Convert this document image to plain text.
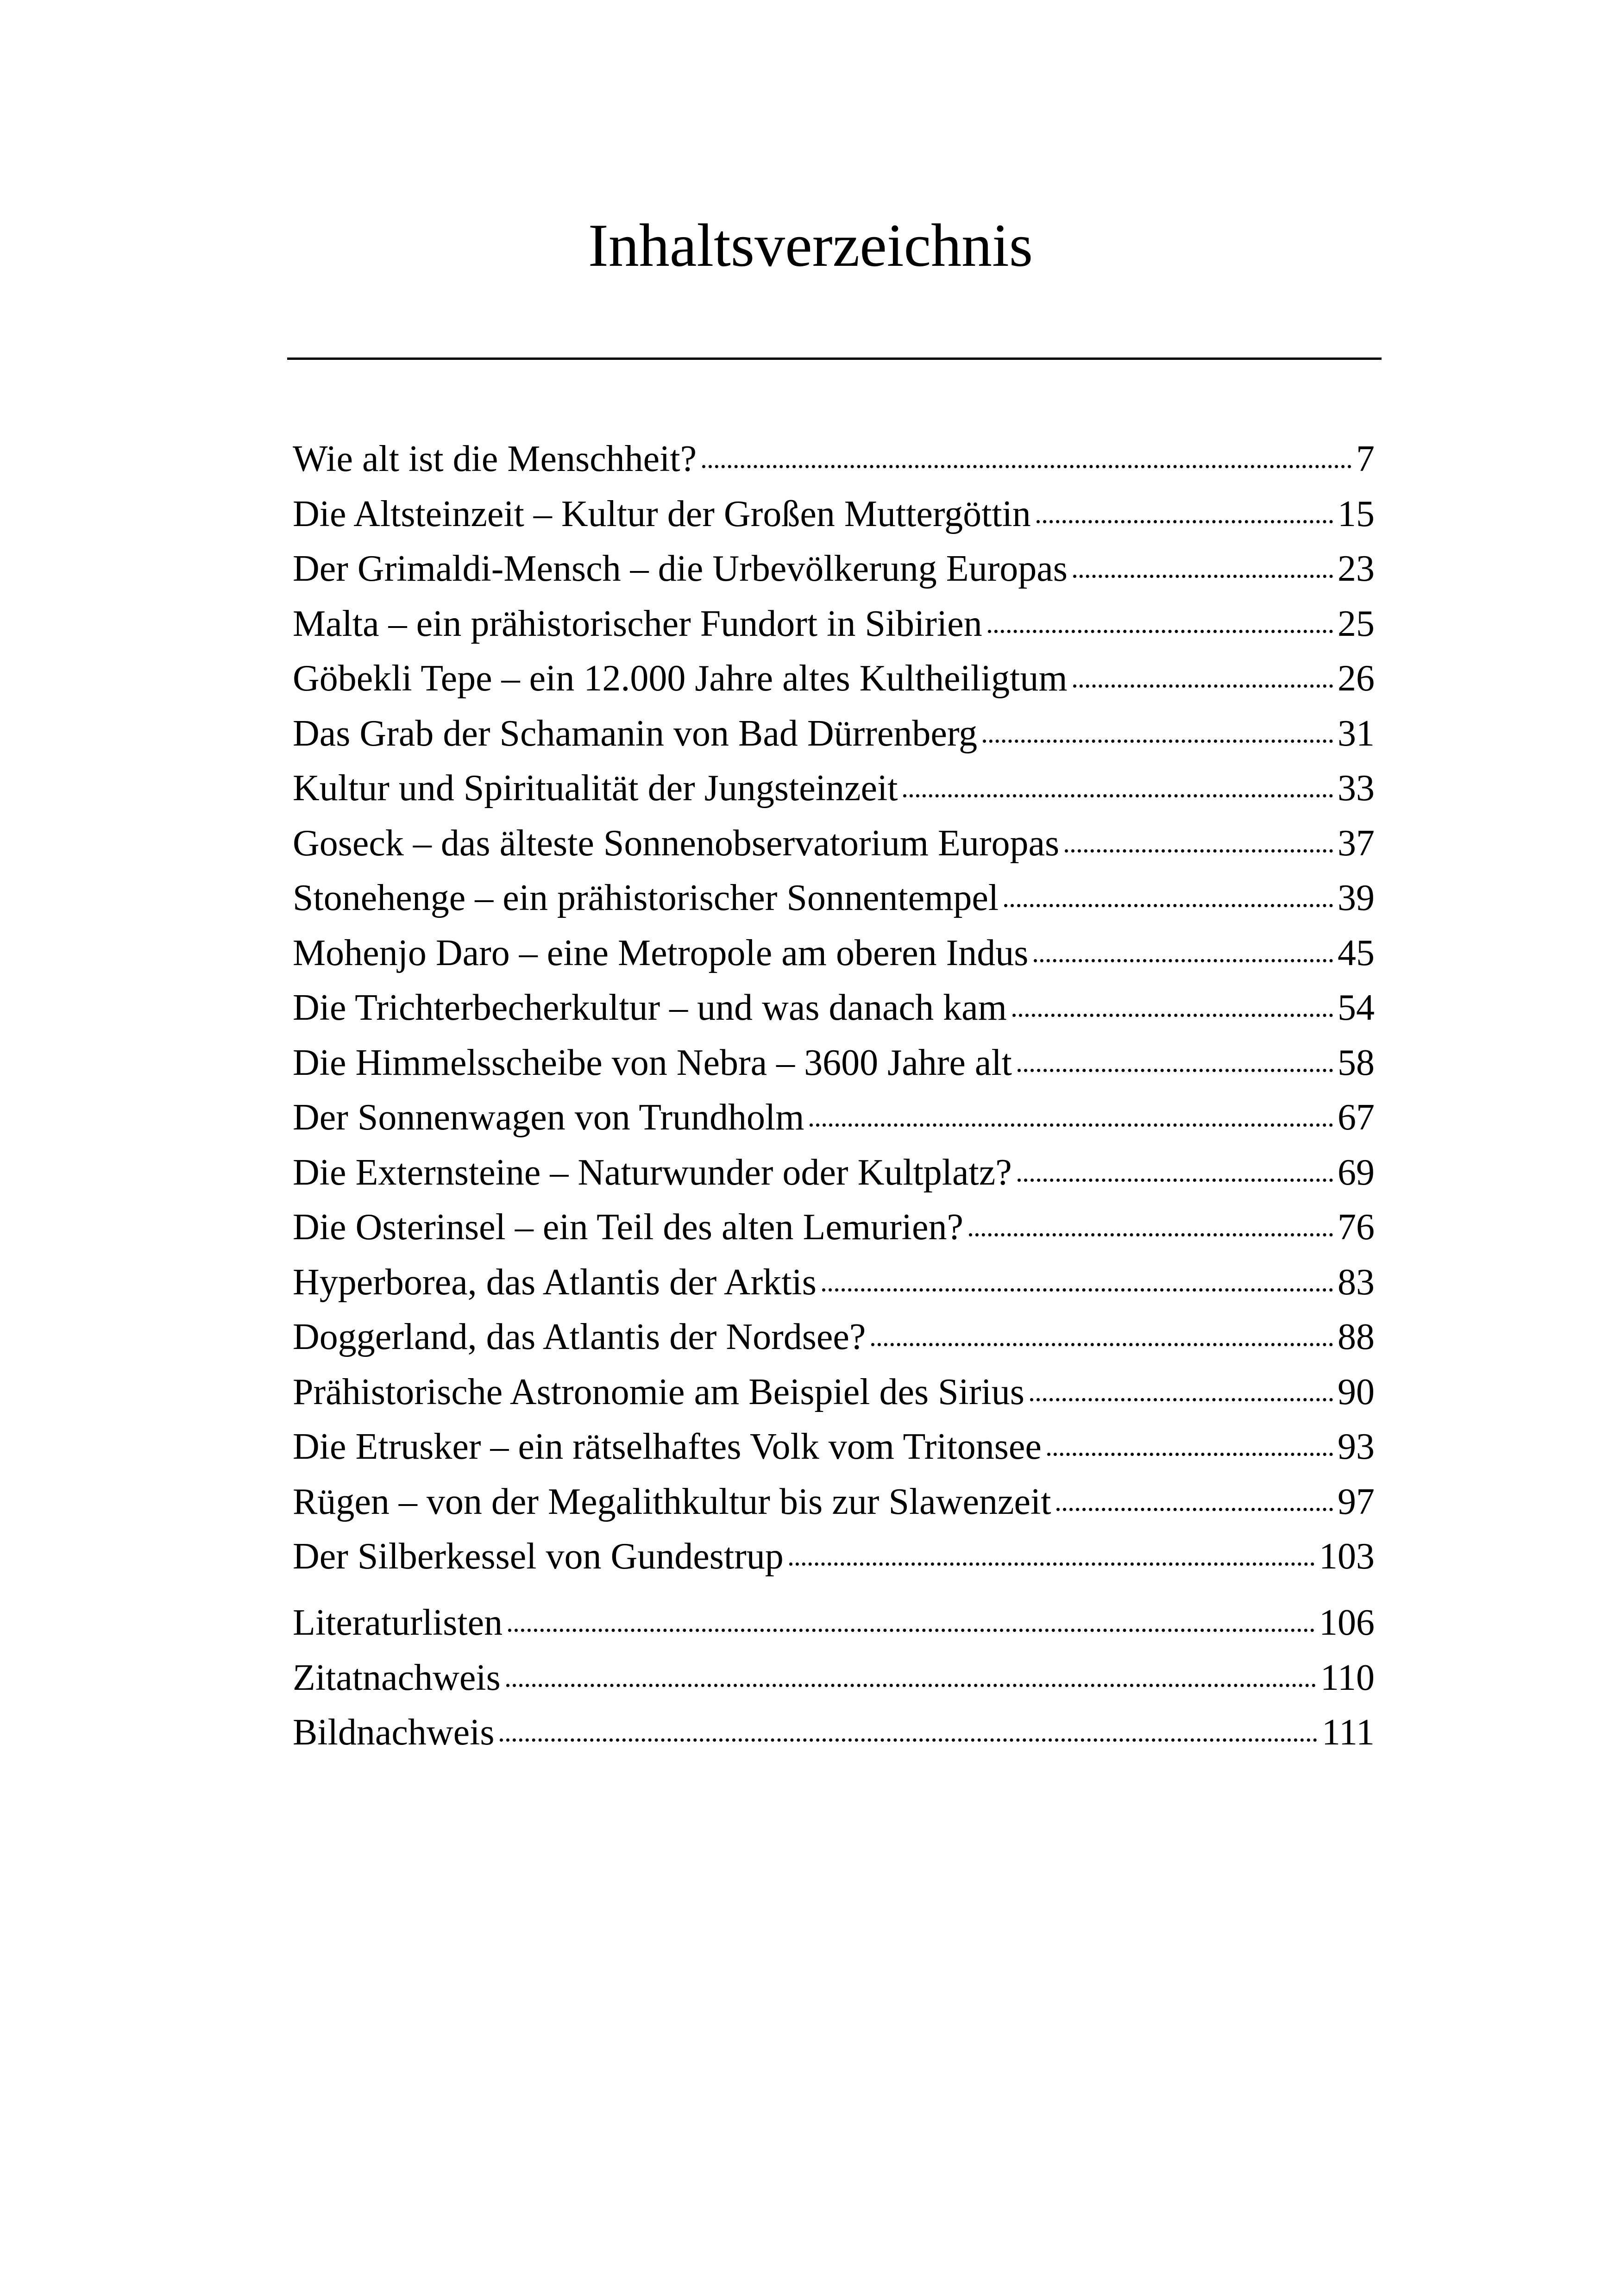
Inhaltsverzeichnis
Wie alt ist die Menschheit?	7
Die Altsteinzeit – Kultur der Großen Muttergöttin	15
Der Grimaldi-Mensch – die Urbevölkerung Europas	23
Malta – ein prähistorischer Fundort in Sibirien	25
Göbekli Tepe – ein 12.000 Jahre altes Kultheiligtum	26
Das Grab der Schamanin von Bad Dürrenberg	31
Kultur und Spiritualität der Jungsteinzeit	33
Goseck – das älteste Sonnenobservatorium Europas	37
Stonehenge – ein prähistorischer Sonnentempel	39
Mohenjo Daro – eine Metropole am oberen Indus	45
Die Trichterbecherkultur – und was danach kam	54
Die Himmelsscheibe von Nebra – 3600 Jahre alt	58
Der Sonnenwagen von Trundholm	67
Die Externsteine – Naturwunder oder Kultplatz?	69
Die Osterinsel – ein Teil des alten Lemurien?	76
Hyperborea, das Atlantis der Arktis	83
Doggerland, das Atlantis der Nordsee?	88
Prähistorische Astronomie am Beispiel des Sirius	90
Die Etrusker – ein rätselhaftes Volk vom Tritonsee	93
Rügen – von der Megalithkultur bis zur Slawenzeit	97
Der Silberkessel von Gundestrup	103
Literaturlisten	106
Zitatnachweis	110
Bildnachweis	111
